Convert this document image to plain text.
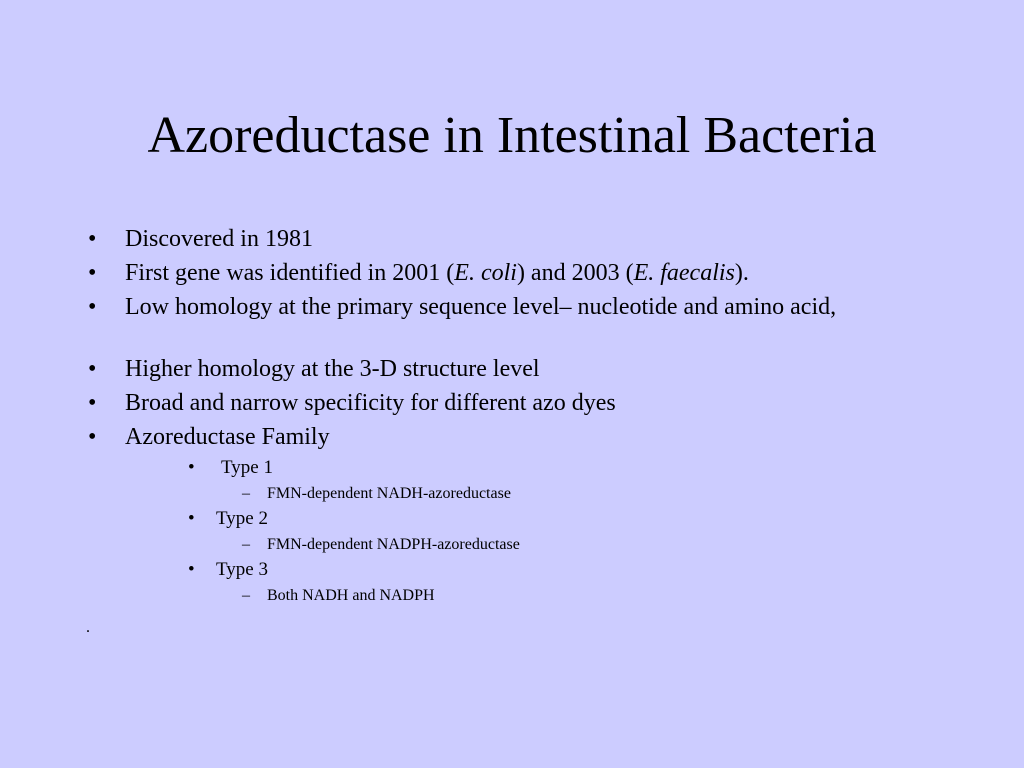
Azoreductase in Intestinal Bacteria
• Discovered in 1981
• First gene was identified in 2001 (E. coli) and 2003 (E. faecalis).
• Low homology at the primary sequence level– nucleotide and amino acid,
• Higher homology at the 3-D structure level
• Broad and narrow specificity for different azo dyes
• Azoreductase Family
• Type 1
– FMN-dependent NADH-azoreductase
• Type 2
– FMN-dependent NADPH-azoreductase
• Type 3
– Both NADH and NADPH
.
